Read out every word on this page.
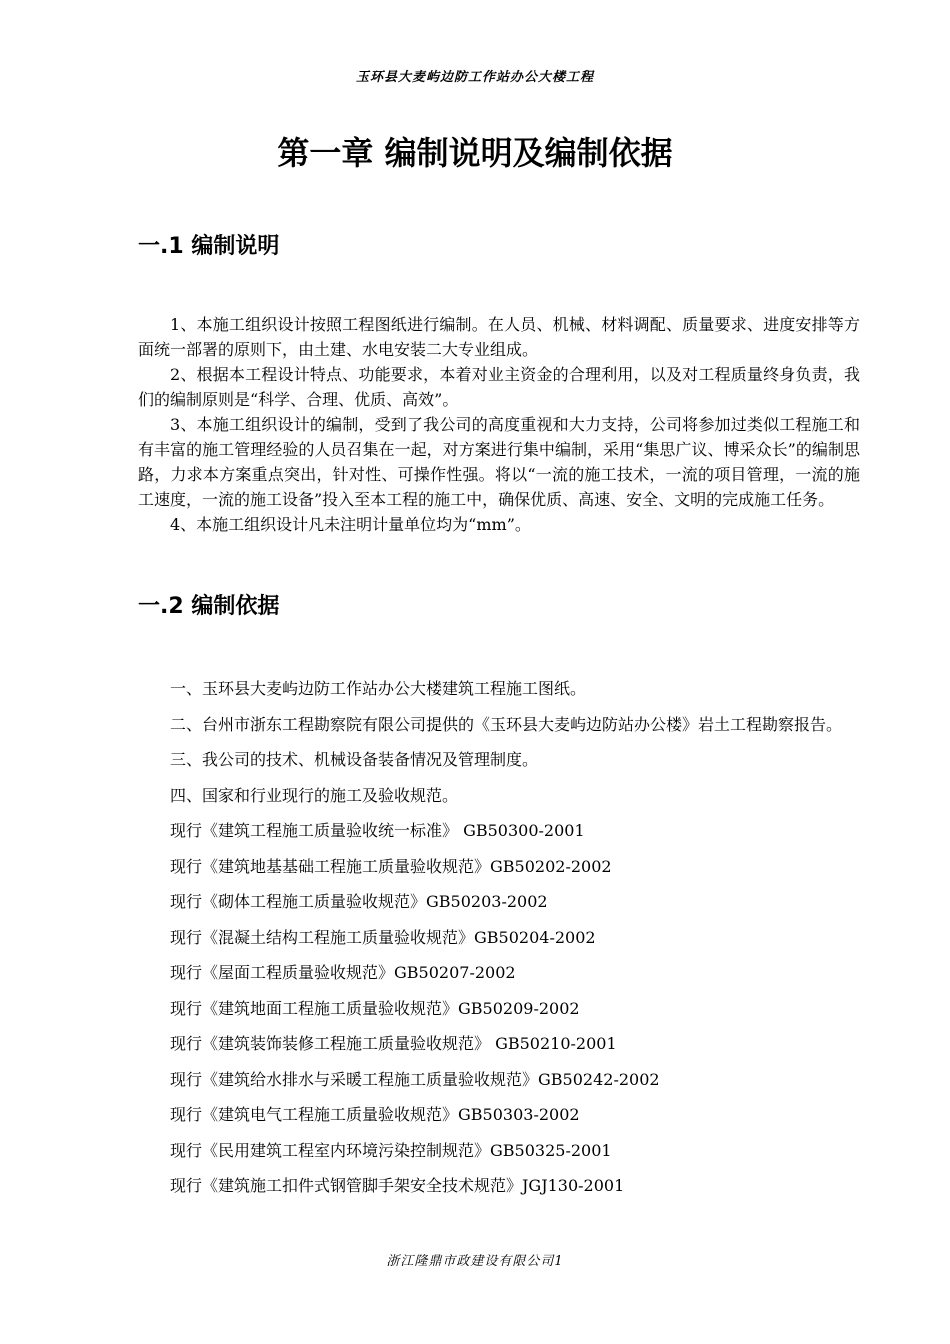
玉环县大麦屿边防工作站办公大楼工程
第一章 编制说明及编制依据
一.1 编制说明

1、本施工组织设计按照工程图纸进行编制。在人员、机械、材料调配、质量要求、进度安排等方面统一部署的原则下，由土建、水电安装二大专业组成。

2、根据本工程设计特点、功能要求，本着对业主资金的合理利用，以及对工程质量终身负责，我们的编制原则是“科学、合理、优质、高效”。

3、本施工组织设计的编制，受到了我公司的高度重视和大力支持，公司将参加过类似工程施工和有丰富的施工管理经验的人员召集在一起，对方案进行集中编制，采用“集思广议、博采众长”的编制思路，力求本方案重点突出，针对性、可操作性强。将以“一流的施工技术，一流的项目管理，一流的施工速度，一流的施工设备”投入至本工程的施工中，确保优质、高速、安全、文明的完成施工任务。

4、本施工组织设计凡未注明计量单位均为“mm”。

一.2 编制依据

一、玉环县大麦屿边防工作站办公大楼建筑工程施工图纸。

二、台州市浙东工程勘察院有限公司提供的《玉环县大麦屿边防站办公楼》岩土工程勘察报告。

三、我公司的技术、机械设备装备情况及管理制度。

四、国家和行业现行的施工及验收规范。

现行《建筑工程施工质量验收统一标准》 GB50300-2001

现行《建筑地基基础工程施工质量验收规范》GB50202-2002

现行《砌体工程施工质量验收规范》GB50203-2002

现行《混凝土结构工程施工质量验收规范》GB50204-2002

现行《屋面工程质量验收规范》GB50207-2002

现行《建筑地面工程施工质量验收规范》GB50209-2002

现行《建筑装饰装修工程施工质量验收规范》 GB50210-2001

现行《建筑给水排水与采暖工程施工质量验收规范》GB50242-2002

现行《建筑电气工程施工质量验收规范》GB50303-2002

现行《民用建筑工程室内环境污染控制规范》GB50325-2001

现行《建筑施工扣件式钢管脚手架安全技术规范》JGJ130-2001

浙江隆鼎市政建设有限公司1
